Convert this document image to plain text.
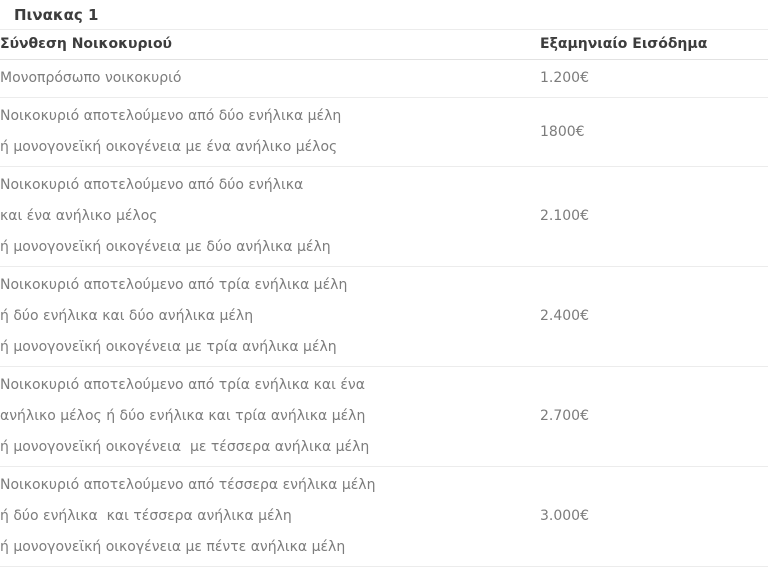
Πινακας 1
Σύνθεση Νοικοκυριού	Εξαμηνιαίο Εισόδημα

Μονοπρόσωπο νοικοκυριό	1.200€

Νοικοκυριό αποτελούμενο από δύο ενήλικα μέλη
ή μονογονεϊκή οικογένεια με ένα ανήλικο μέλος	1800€

Νοικοκυριό αποτελούμενο από δύο ενήλικα
και ένα ανήλικο μέλος
ή μονογονεϊκή οικογένεια με δύο ανήλικα μέλη	2.100€

Νοικοκυριό αποτελούμενο από τρία ενήλικα μέλη
ή δύο ενήλικα και δύο ανήλικα μέλη
ή μονογονεϊκή οικογένεια με τρία ανήλικα μέλη	2.400€

Νοικοκυριό αποτελούμενο από τρία ενήλικα και ένα
ανήλικο μέλος ή δύο ενήλικα και τρία ανήλικα μέλη
ή μονογονεϊκή οικογένεια  με τέσσερα ανήλικα μέλη	2.700€

Νοικοκυριό αποτελούμενο από τέσσερα ενήλικα μέλη
ή δύο ενήλικα  και τέσσερα ανήλικα μέλη
ή μονογονεϊκή οικογένεια με πέντε ανήλικα μέλη	3.000€
